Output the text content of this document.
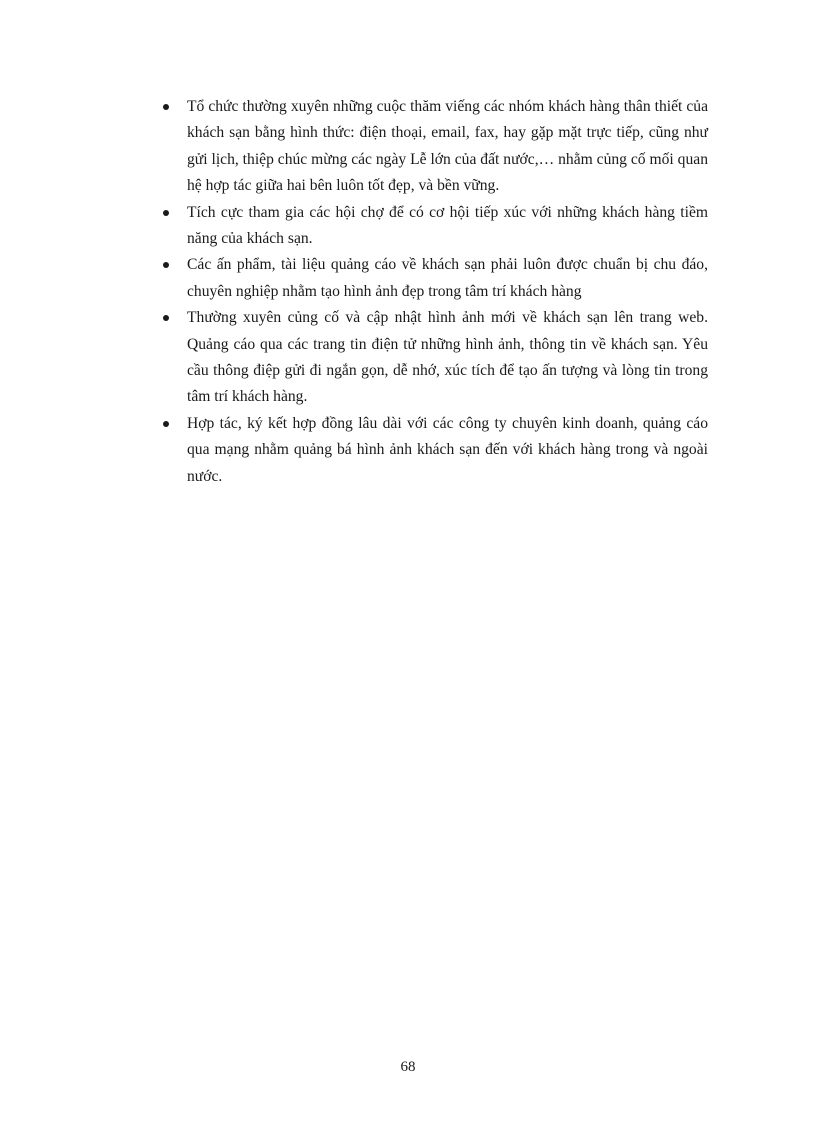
Tổ chức thường xuyên những cuộc thăm viếng các nhóm khách hàng thân thiết của khách sạn bằng hình thức: điện thoại, email, fax, hay gặp mặt trực tiếp, cũng như gửi lịch, thiệp chúc mừng các ngày Lễ lớn của đất nước,… nhằm củng cố mối quan hệ hợp tác giữa hai bên luôn tốt đẹp, và bền vững.
Tích cực tham gia các hội chợ để có cơ hội tiếp xúc với những khách hàng tiềm năng của khách sạn.
Các ấn phẩm, tài liệu quảng cáo về khách sạn phải luôn được chuẩn bị chu đáo, chuyên nghiệp nhằm tạo hình ảnh đẹp trong tâm trí khách hàng
Thường xuyên củng cố và cập nhật hình ảnh mới về khách sạn lên trang web. Quảng cáo qua các trang tin điện tử những hình ảnh, thông tin về khách sạn. Yêu cầu thông điệp gửi đi ngắn gọn, dễ nhớ, xúc tích để tạo ấn tượng và lòng tin trong tâm trí khách hàng.
Hợp tác, ký kết hợp đồng lâu dài với các công ty chuyên kinh doanh, quảng cáo qua mạng nhằm quảng bá hình ảnh khách sạn đến với khách hàng trong và ngoài nước.
68
